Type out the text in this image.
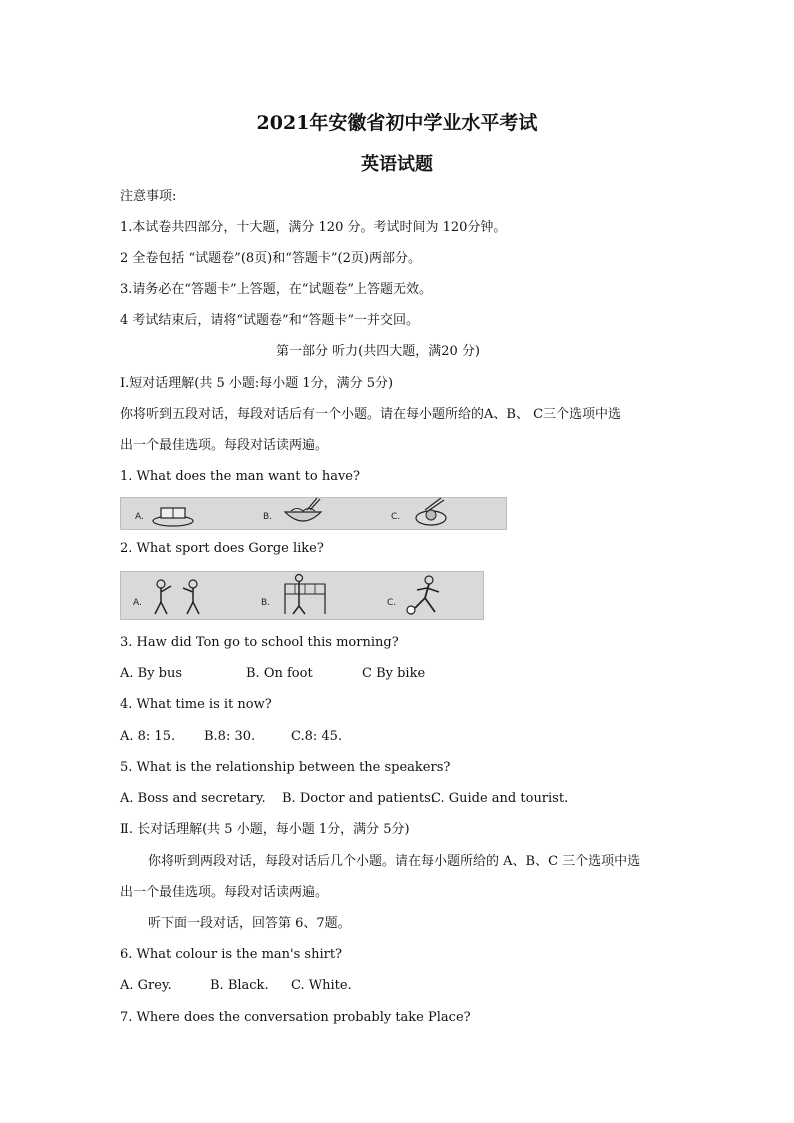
2021年安徽省初中学业水平考试
英语试题
注意事项:
1.本试卷共四部分，十大题，满分 120 分。考试时间为 120分钟。
2 全卷包括 “试题卷”(8页)和“答题卡”(2页)两部分。
3.请务必在“答题卡”上答题，在“试题卷”上答题无效。
4 考试结束后，请将“试题卷”和“答题卡”一并交回。
第一部分 听力(共四大题，满20 分)
Ⅰ.短对话理解(共 5 小题:每小题 1分，满分 5分)
你将听到五段对话，每段对话后有一个小题。请在每小题所给的A、B、 C三个选项中选
出一个最佳选项。每段对话读两遍。
1. What does the man want to have?
A.	B.	C.
2. What sport does Gorge like?
A.	B.	C.
3. Haw did Ton go to school this morning?
A. By bus	B. On foot	C By bike
4. What time is it now?
A. 8: 15. B.8: 30.	C.8: 45.
5. What is the relationship between the speakers?
A. Boss and secretary. B. Doctor and patients.
C. Guide and tourist.
Ⅱ. 长对话理解(共 5 小题，每小题 1分，满分 5分)
你将听到两段对话，每段对话后几个小题。请在每小题所给的 A、B、C 三个选项中选
出一个最佳选项。每段对话读两遍。
听下面一段对话，回答第 6、7题。
6. What colour is the man's shirt?
A. Grey.	B. Black. C. White.
7. Where does the conversation probably take Place?
